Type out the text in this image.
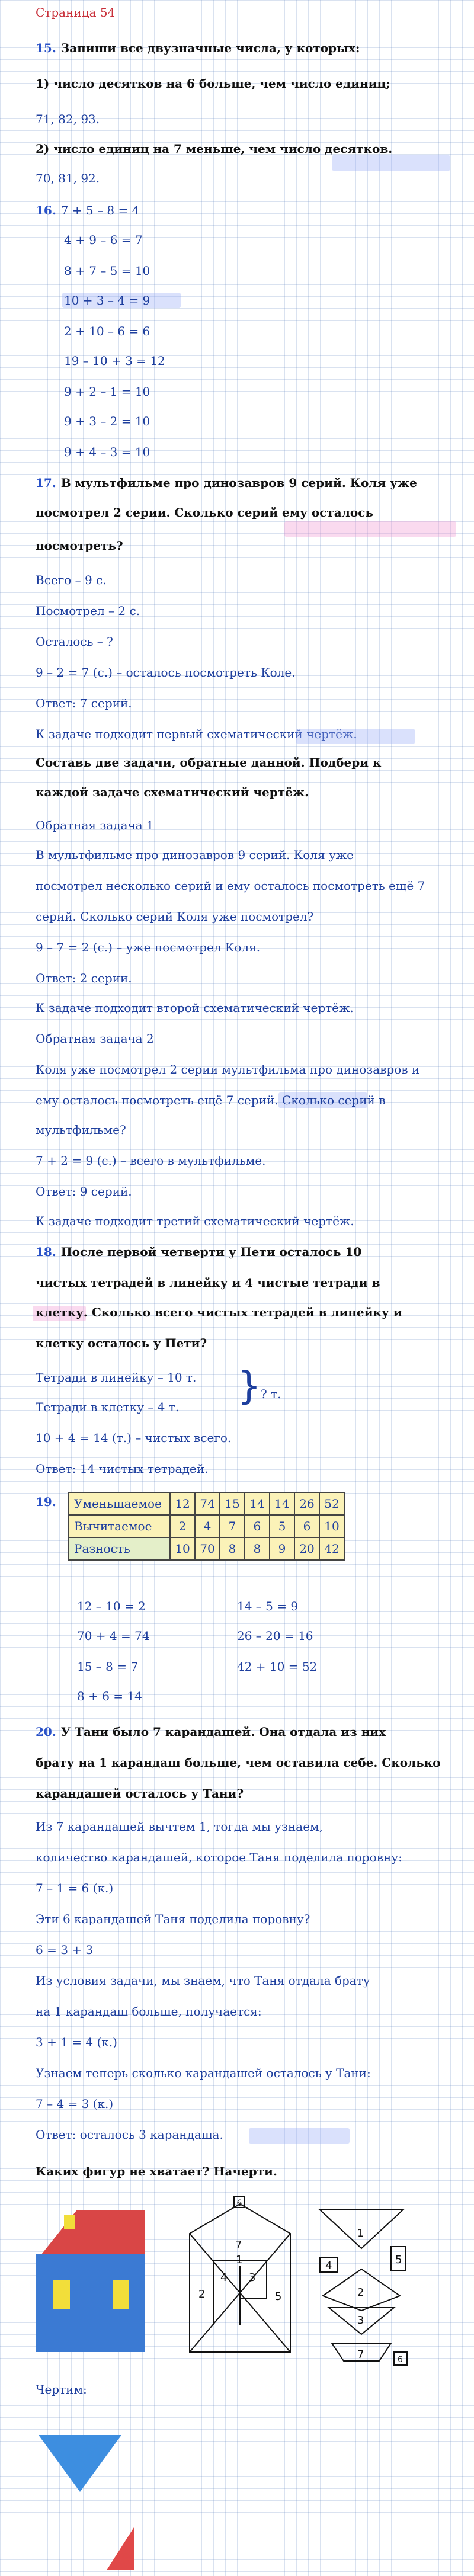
Страница 54
15. Запиши все двузначные числа, у которых:
1) число десятков на 6 больше, чем число единиц;
71, 82, 93.
2) число единиц на 7 меньше, чем число десятков.
70, 81, 92.
16. 7 + 5 – 8 = 4
4 + 9 – 6 = 7
8 + 7 – 5 = 10
10 + 3 – 4 = 9
2 + 10 – 6 = 6
19 – 10 + 3 = 12
9 + 2 – 1 = 10
9 + 3 – 2 = 10
9 + 4 – 3 = 10
17. В мультфильме про динозавров 9 серий. Коля уже
посмотрел 2 серии. Сколько серий ему осталось
посмотреть?
Всего – 9 с.
Посмотрел – 2 с.
Осталось – ?
9 – 2 = 7 (с.) – осталось посмотреть Коле.
Ответ: 7 серий.
К задаче подходит первый схематический чертёж.
Составь две задачи, обратные данной. Подбери к
каждой задаче схематический чертёж.
Обратная задача 1
В мультфильме про динозавров 9 серий. Коля уже
посмотрел несколько серий и ему осталось посмотреть ещё 7
серий. Сколько серий Коля уже посмотрел?
9 – 7 = 2 (с.) – уже посмотрел Коля.
Ответ: 2 серии.
К задаче подходит второй схематический чертёж.
Обратная задача 2
Коля уже посмотрел 2 серии мультфильма про динозавров и
ему осталось посмотреть ещё 7 серий. Сколько серий в
мультфильме?
7 + 2 = 9 (с.) – всего в мультфильме.
Ответ: 9 серий.
К задаче подходит третий схематический чертёж.
18. После первой четверти у Пети осталось 10
чистых тетрадей в линейку и 4 чистые тетради в
клетку. Сколько всего чистых тетрадей в линейку и
клетку осталось у Пети?
Тетради в линейку – 10 т.
Тетради в клетку – 4 т. } ? т.
10 + 4 = 14 (т.) – чистых всего.
Ответ: 14 чистых тетрадей.
19.	Уменьшаемое	12	74	15	14	14	26	52
Вычитаемое	2	4	7	6	5	6	10
Разность	10	70	8	8	9	20	42
12 – 10 = 2	14 – 5 = 9
70 + 4 = 74	26 – 20 = 16
15 – 8 = 7	42 + 10 = 52
8 + 6 = 14
20. У Тани было 7 карандашей. Она отдала из них
брату на 1 карандаш больше, чем оставила себе. Сколько
карандашей осталось у Тани?
Из 7 карандашей вычтем 1, тогда мы узнаем,
количество карандашей, которое Таня поделила поровну:
7 – 1 = 6 (к.)
Эти 6 карандашей Таня поделила поровну?
6 = 3 + 3
Из условия задачи, мы знаем, что Таня отдала брату
на 1 карандаш больше, получается:
3 + 1 = 4 (к.)
Узнаем теперь сколько карандашей осталось у Тани:
7 – 4 = 3 (к.)
Ответ: осталось 3 карандаша.
Каких фигур не хватает? Начерти.
6
7
1
4 3
2	5
1
4	5
2
3
7	6
Чертим:
